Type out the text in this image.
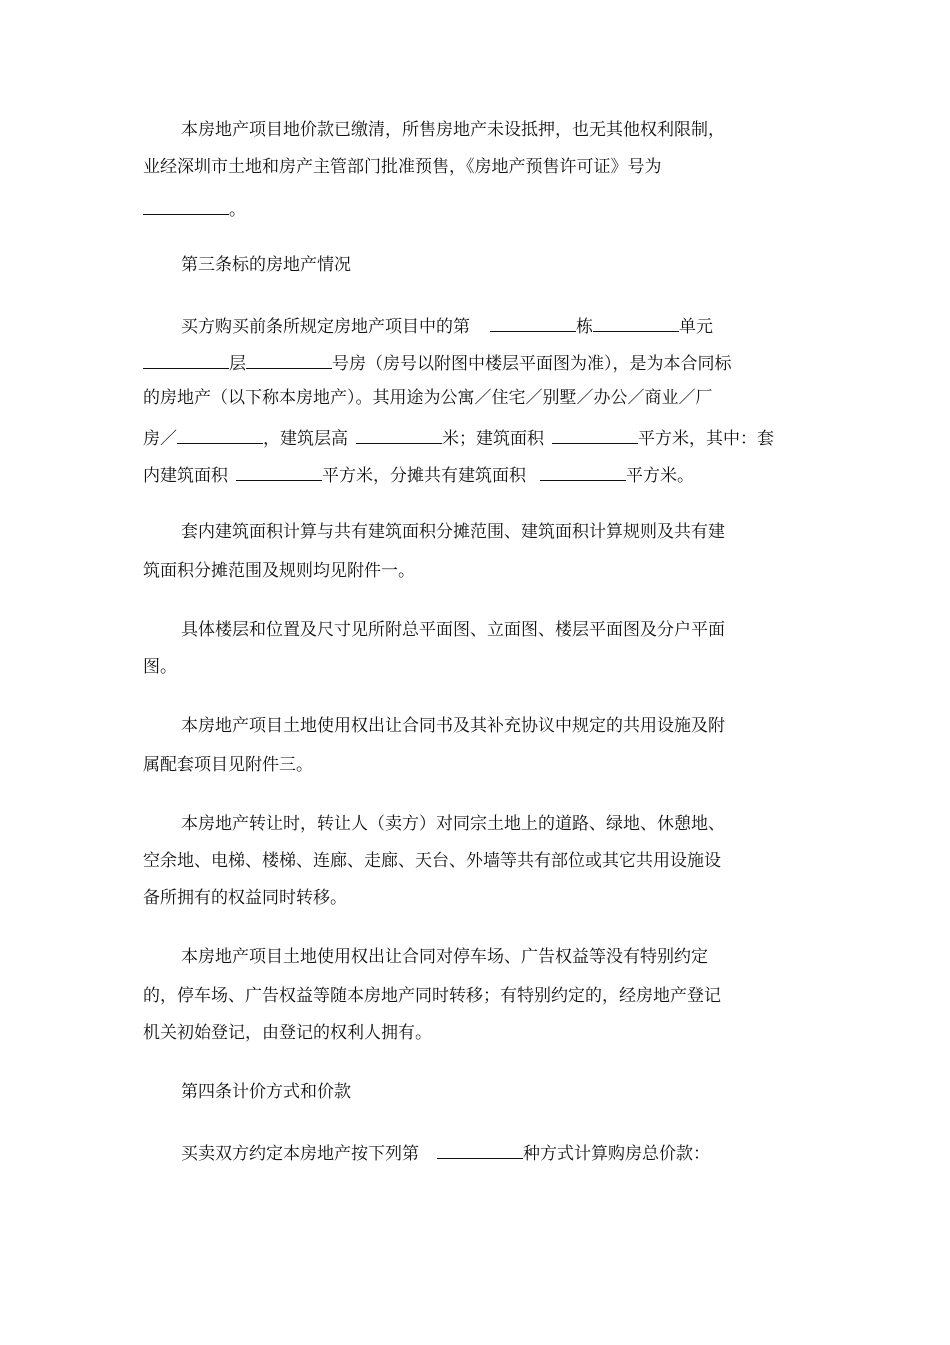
本房地产项目地价款已缴清，所售房地产未设抵押，也无其他权利限制，
业经深圳市土地和房产主管部门批准预售，《房地产预售许可证》号为
。
第三条标的房地产情况
买方购买前条所规定房地产项目中的第	栋	单元
层	号房（房号以附图中楼层平面图为准），是为本合同标
的房地产（以下称本房地产）。其用途为公寓／住宅／别墅／办公／商业／厂
房／	，建筑层高	米；建筑面积	平方米，其中：套
内建筑面积	平方米，分摊共有建筑面积	平方米。
套内建筑面积计算与共有建筑面积分摊范围、建筑面积计算规则及共有建
筑面积分摊范围及规则均见附件一。
具体楼层和位置及尺寸见所附总平面图、立面图、楼层平面图及分户平面
图。
本房地产项目土地使用权出让合同书及其补充协议中规定的共用设施及附
属配套项目见附件三。
本房地产转让时，转让人（卖方）对同宗土地上的道路、绿地、休憩地、
空余地、电梯、楼梯、连廊、走廊、天台、外墙等共有部位或其它共用设施设
备所拥有的权益同时转移。
本房地产项目土地使用权出让合同对停车场、广告权益等没有特别约定
的，停车场、广告权益等随本房地产同时转移；有特别约定的，经房地产登记
机关初始登记，由登记的权利人拥有。
第四条计价方式和价款
买卖双方约定本房地产按下列第	种方式计算购房总价款：
